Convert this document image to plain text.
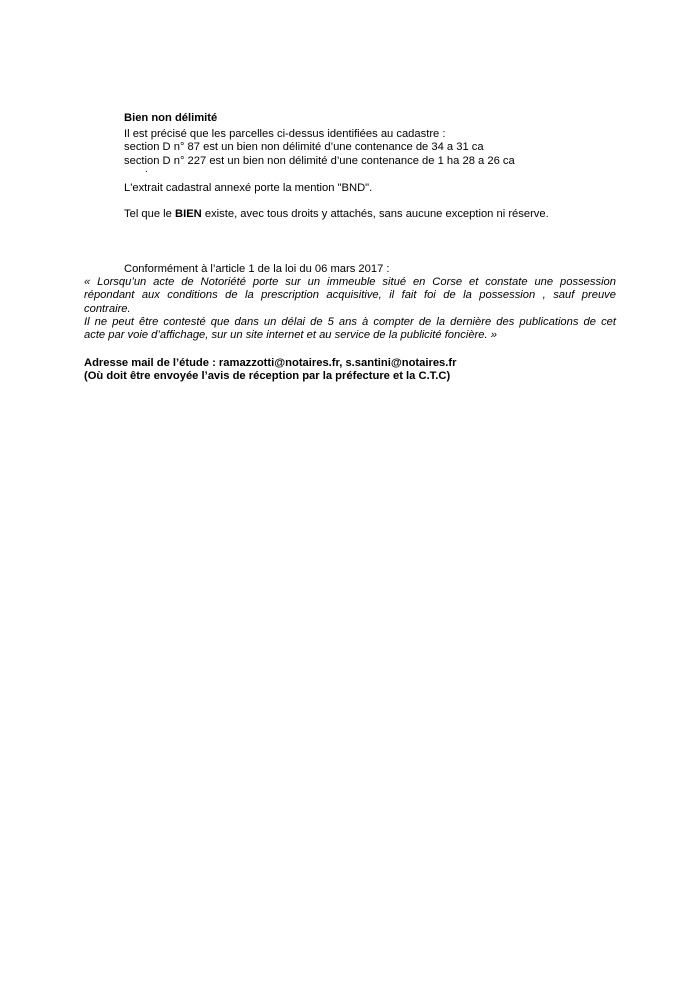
Bien non délimité
Il est précisé que les parcelles ci-dessus identifiées au cadastre :
section D n° 87 est un bien non délimité d’une contenance de 34 a 31 ca
section D n° 227 est un bien non délimité d’une contenance de 1 ha 28 a 26 ca
.
L'extrait cadastral annexé porte la mention "BND".
Tel que le BIEN existe, avec tous droits y attachés, sans aucune exception ni réserve.
Conformément à l’article 1 de la loi du 06 mars 2017 :
« Lorsqu’un acte de Notoriété porte sur un immeuble situé en Corse et constate une possession
répondant aux conditions de la prescription acquisitive, il fait foi de la possession , sauf preuve
contraire.
Il ne peut être contesté que dans un délai de 5 ans à compter de la dernière des publications de cet
acte par voie d’affichage, sur un site internet et au service de la publicité foncière. »
Adresse mail de l’étude : ramazzotti@notaires.fr, s.santini@notaires.fr
(Où doit être envoyée l’avis de réception par la préfecture et la C.T.C)
